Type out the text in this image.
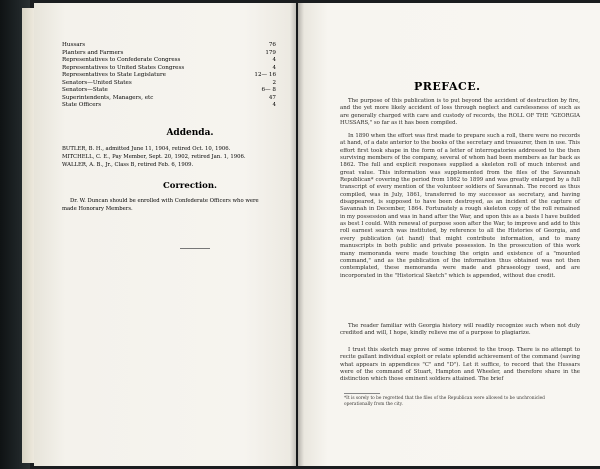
Hussars	76
Planters and Farmers	179
Representatives to Confederate Congress	4
Representatives to United States Congress	4
Representatives to State Legislature	12— 16
Senators—United States	2
Senators—State	6— 8
Superintendents, Managers, etc	47
State Officers	4
Addenda.
BUTLER, B. H., admitted June 11, 1904, retired Oct. 10, 1906.
MITCHELL, C. E., Pay Member, Sept. 20, 1902, retired Jan. 1, 1906.
WALLER, A. B., Jr., Class B, retired Feb. 6, 1909.
Correction.
Dr. W. Duncan should be enrolled with Confederate Officers who were
made Honorary Members.
PREFACE.

The purpose of this publication is to put beyond the accident of destruction by fire, and the yet more likely accident of loss through neglect and carelessness of such as are generally charged with care and custody of records, the ROLL OF THE "GEORGIA HUSSARS," so far as it has been compiled.

In 1890 when the effort was first made to prepare such a roll, there were no records at hand, of a date anterior to the books of the secretary and treasurer, then in use. This effort first took shape in the form of a letter of interrogatories addressed to the then surviving members of the company, several of whom had been members as far back as 1862. The full and explicit responses supplied a skeleton roll of much interest and great value. This information was supplemented from the files of the Savannah Republican* covering the period from 1862 to 1899 and was greatly enlarged by a full transcript of every mention of the volunteer soldiers of Savannah. The record as thus compiled, was in July, 1861, transferred to my successor as secretary, and having disappeared, is supposed to have been destroyed, as an incident of the capture of Savannah in December, 1864. Fortunately a rough skeleton copy of the roll remained in my possession and was in hand after the War, and upon this as a basis I have builded as best I could. With renewal of purpose soon after the War, to improve and add to this roll earnest search was instituted, by reference to all the Histories of Georgia, and every publication (at hand) that might contribute information, and to many manuscripts in both public and private possession. In the prosecution of this work many memoranda were made touching the origin and existence of a "mounted command," and as the publication of the information thus obtained was not then contemplated, these memoranda were made and phraseology used, and are incorporated in the "Historical Sketch" which is appended, without due credit.

The reader familiar with Georgia history will readily recognize such when not duly credited and will, I hope, kindly relieve me of a purpose to plagiarize.

I trust this sketch may prove of some interest to the troop. There is no attempt to recite gallant individual exploit or relate splendid achievement of the command (saving what appears in appendices "C" and "D"). Let it suffice, to record that the Hussars were of the command of Stuart, Hampton and Wheeler, and therefore share in the distinction which those eminent soldiers attained. The brief

*It is sorely to be regretted that the files of the Republican were allowed to be unchronicled operationally from the city.
